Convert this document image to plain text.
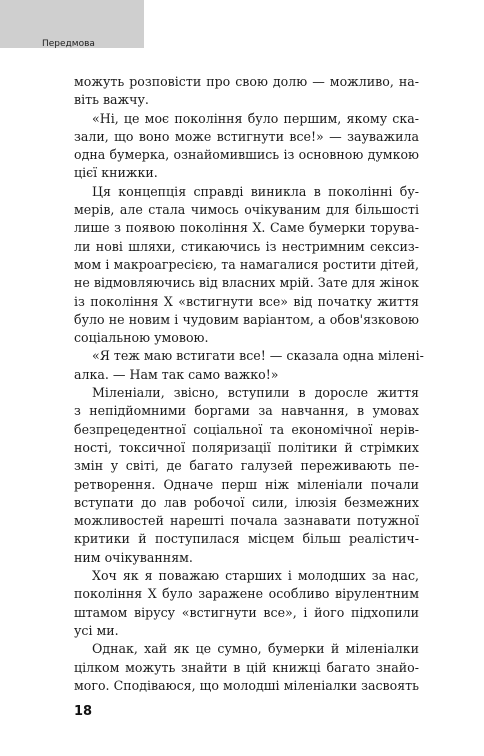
Передмова
можуть розповісти про свою долю — можливо, на-
віть важчу.
«Ні, це моє покоління було першим, якому ска-
зали, що воно може встигнути все!» — зауважила
одна бумерка, ознайомившись із основною думкою
цієї книжки.
Ця концепція справді виникла в поколінні бу-
мерів, але стала чимось очікуваним для більшості
лише з появою покоління X. Саме бумерки торува-
ли нові шляхи, стикаючись із нестримним сексиз-
мом і макроагресією, та намагалися ростити дітей,
не відмовляючись від власних мрій. Зате для жінок
із покоління X «встигнути все» від початку життя
було не новим і чудовим варіантом, а обов'язковою
соціальною умовою.
«Я теж маю встигати все! — сказала одна мілені-
алка. — Нам так само важко!»
Міленіали, звісно, вступили в доросле життя
з непідйомними боргами за навчання, в умовах
безпрецедентної соціальної та економічної нерів-
ності, токсичної поляризації політики й стрімких
змін у світі, де багато галузей переживають пе-
ретворення. Одначе перш ніж міленіали почали
вступати до лав робочої сили, ілюзія безмежних
можливостей нарешті почала зазнавати потужної
критики й поступилася місцем більш реалістич-
ним очікуванням.
Хоч як я поважаю старших і молодших за нас,
покоління X було заражене особливо вірулентним
штамом вірусу «встигнути все», і його підхопили
усі ми.
Однак, хай як це сумно, бумерки й міленіалки
цілком можуть знайти в цій книжці багато знайо-
мого. Сподіваюся, що молодші міленіалки засвоять
18
